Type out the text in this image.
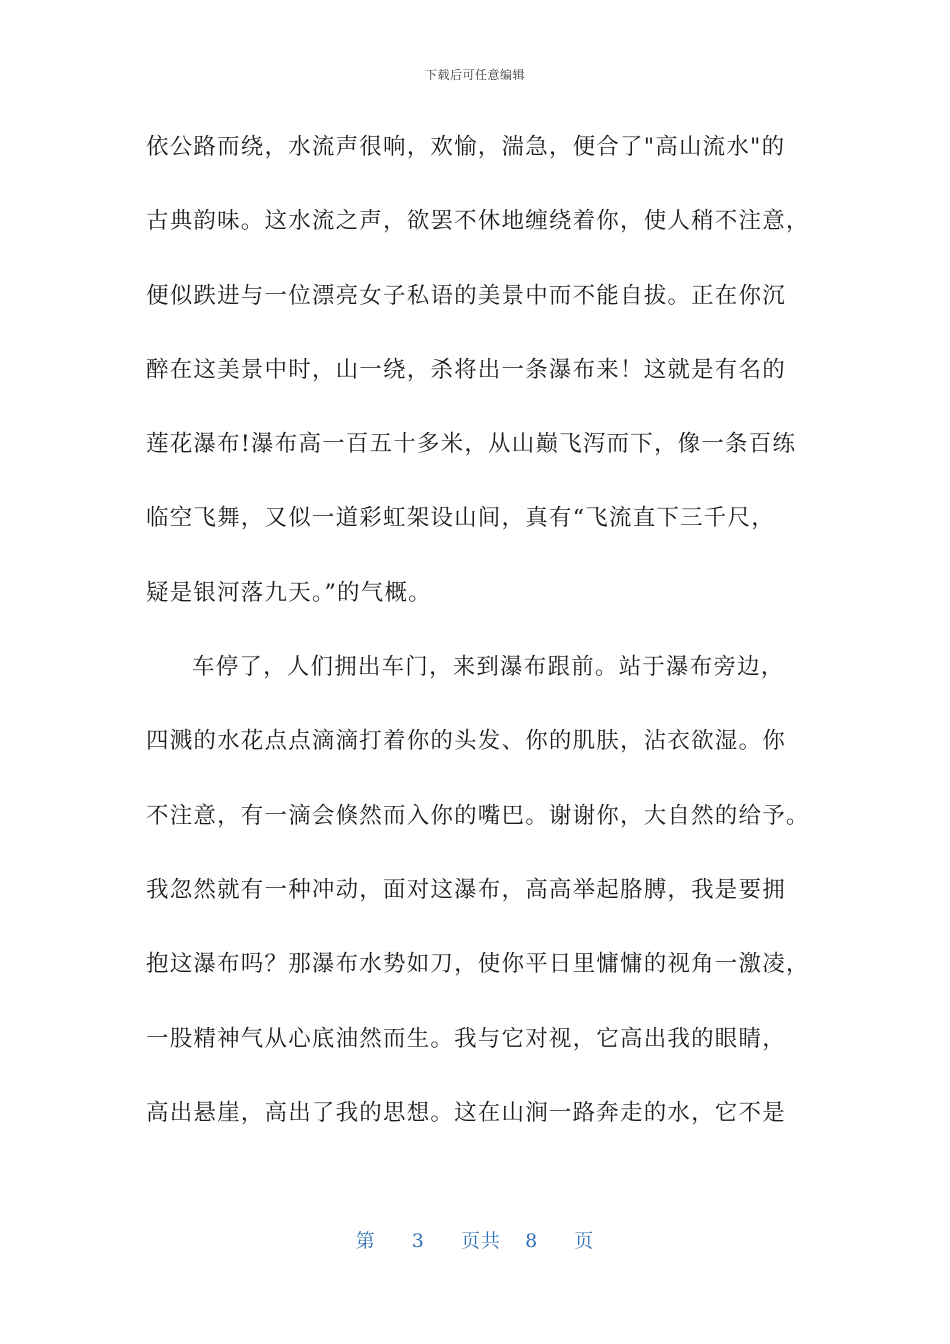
下载后可任意编辑
依公路而绕，水流声很响，欢愉，湍急，便合了"高山流水"的
古典韵味。这水流之声，欲罢不休地缠绕着你，使人稍不注意，
便似跌进与一位漂亮女子私语的美景中而不能自拔。正在你沉
醉在这美景中时，山一绕，杀将出一条瀑布来！这就是有名的
莲花瀑布!瀑布高一百五十多米，从山巅飞泻而下，像一条百练
临空飞舞，又似一道彩虹架设山间，真有“飞流直下三千尺，
疑是银河落九天。”的气概。
车停了，人们拥出车门，来到瀑布跟前。站于瀑布旁边，
四溅的水花点点滴滴打着你的头发、你的肌肤，沾衣欲湿。你
不注意，有一滴会倏然而入你的嘴巴。谢谢你，大自然的给予。
我忽然就有一种冲动，面对这瀑布，高高举起胳膊，我是要拥
抱这瀑布吗？那瀑布水势如刀，使你平日里慵慵的视角一激凌，
一股精神气从心底油然而生。我与它对视，它高出我的眼睛，
高出悬崖，高出了我的思想。这在山涧一路奔走的水，它不是
第 3 页共 8 页
